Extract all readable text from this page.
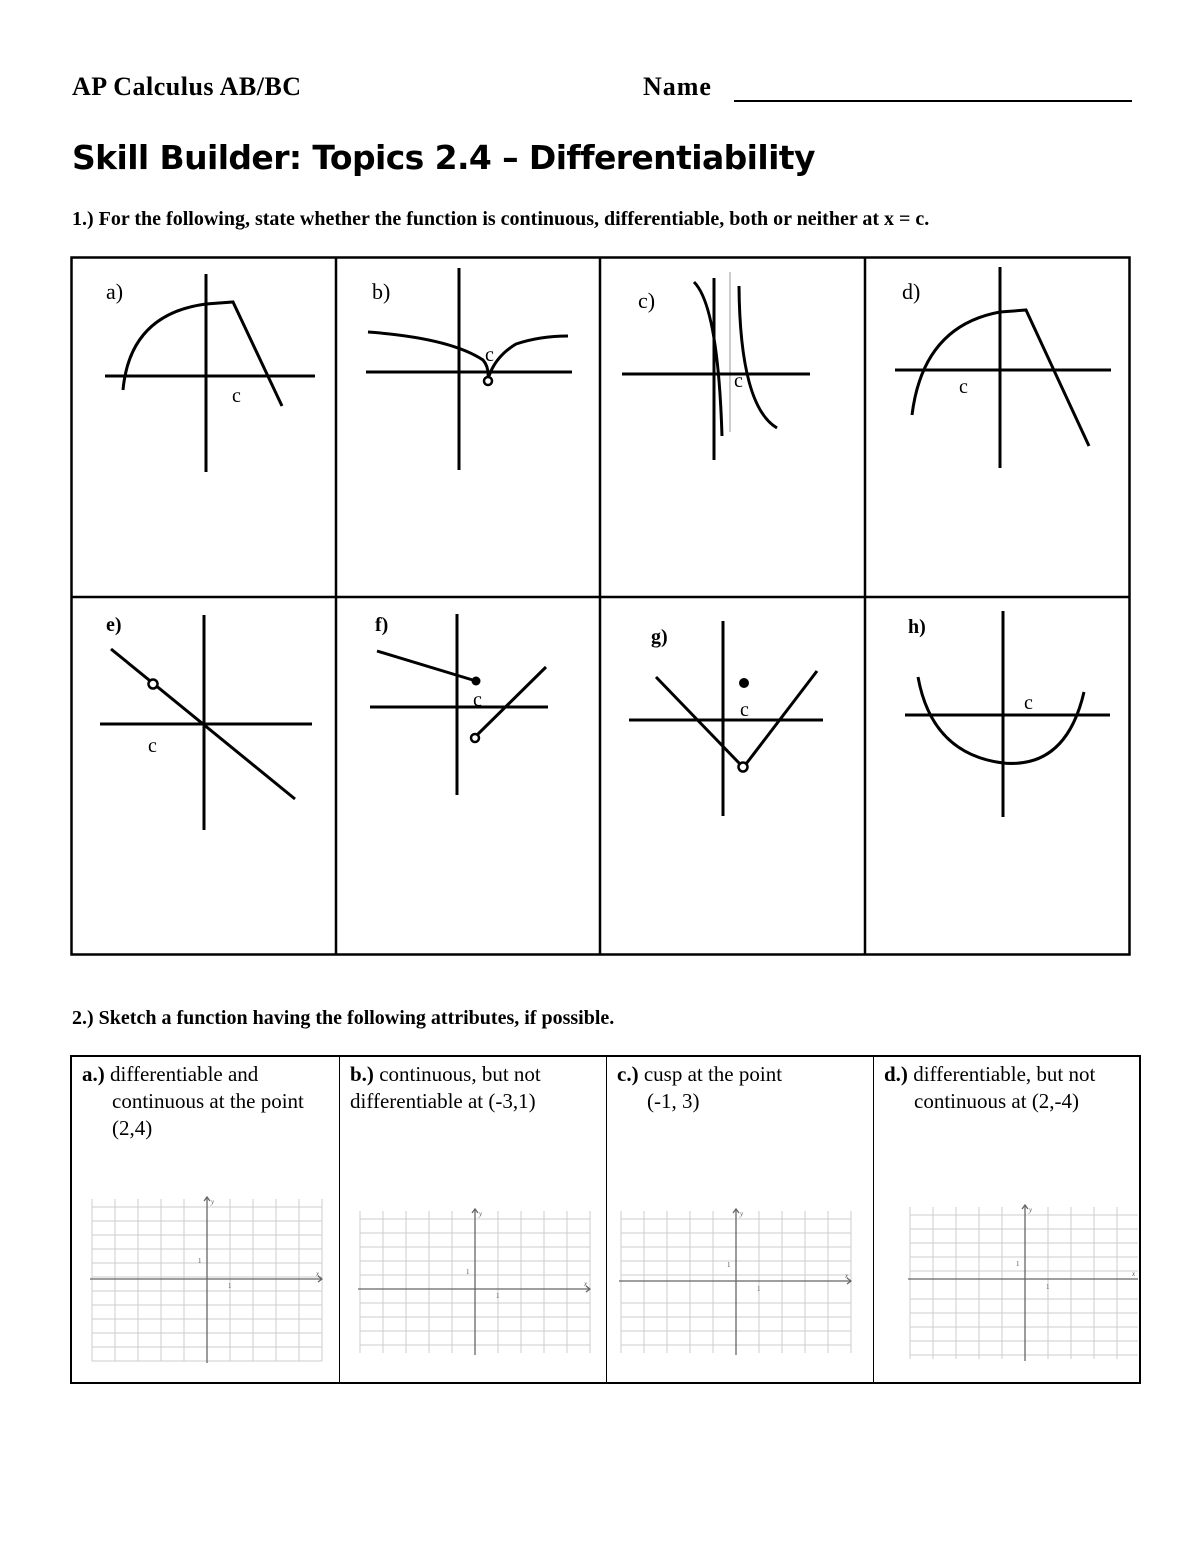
AP Calculus AB/BC	Name
Skill Builder: Topics 2.4 – Differentiability
1.) For the following, state whether the function is continuous, differentiable, both or neither at x = c.
a)
c
b)
c
c)
c
d)
c
e)
c
f)
c
g)
c
h)
c
2.) Sketch a function having the following attributes, if possible.
a.) differentiable and
continuous at the point
(2,4)
x
y
1
1
b.) continuous, but not
differentiable at (-3,1)
x
y
1
1
c.) cusp at the point
(-1, 3)
x
y
1
1
d.) differentiable, but not
continuous at (2,-4)
x
y
1
1
